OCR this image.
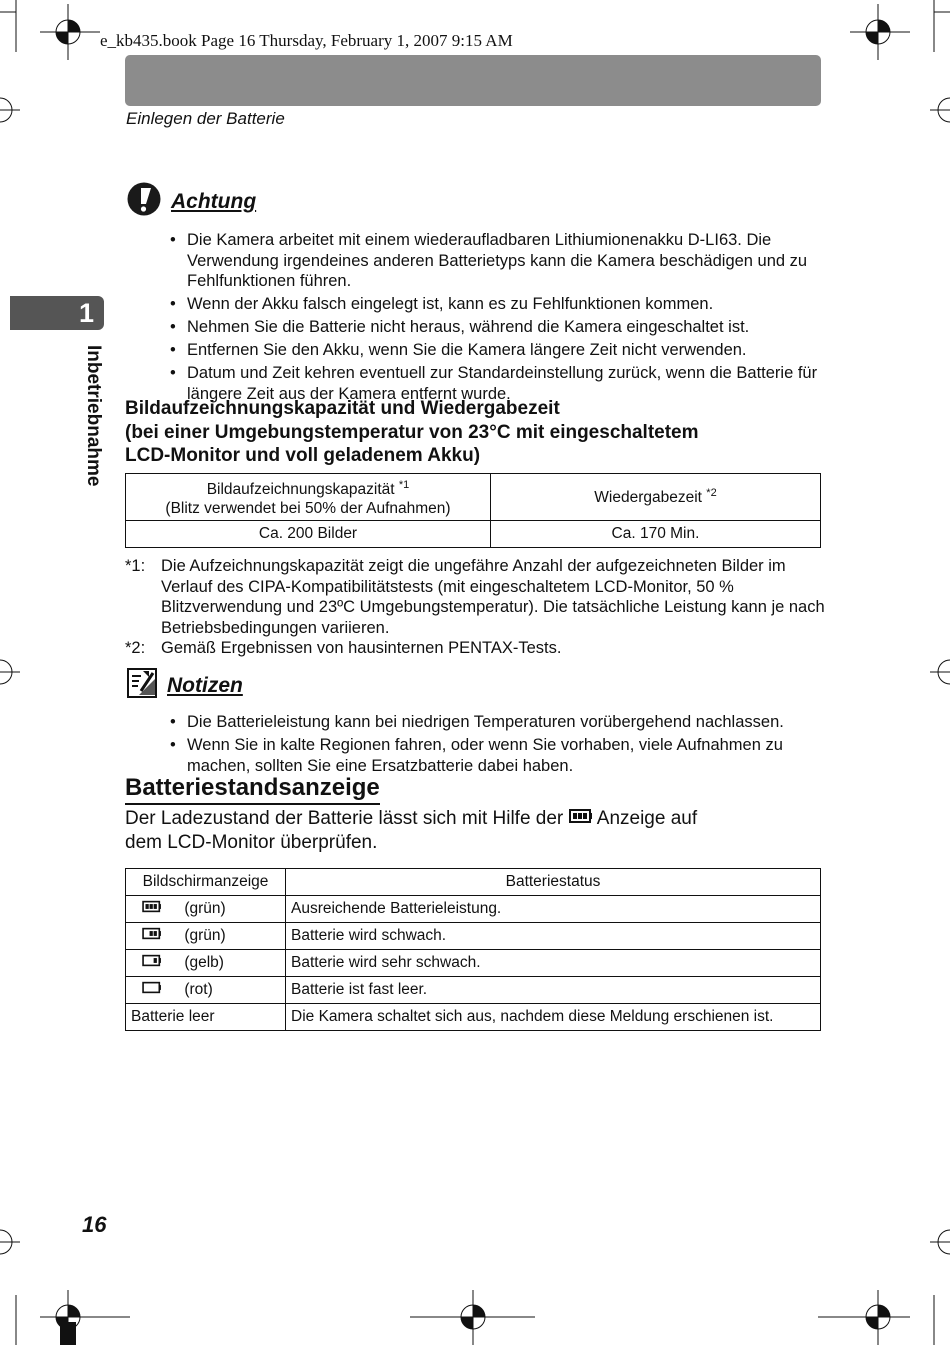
e_kb435.book Page 16 Thursday, February 1, 2007 9:15 AM
Einlegen der Batterie
1
Inbetriebnahme
Achtung
• Die Kamera arbeitet mit einem wiederaufladbaren Lithiumionenakku D-LI63. Die Verwendung irgendeines anderen Batterietyps kann die Kamera beschädigen und zu Fehlfunktionen führen.
• Wenn der Akku falsch eingelegt ist, kann es zu Fehlfunktionen kommen.
• Nehmen Sie die Batterie nicht heraus, während die Kamera eingeschaltet ist.
• Entfernen Sie den Akku, wenn Sie die Kamera längere Zeit nicht verwenden.
• Datum und Zeit kehren eventuell zur Standardeinstellung zurück, wenn die Batterie für längere Zeit aus der Kamera entfernt wurde.
Bildaufzeichnungskapazität und Wiedergabezeit
(bei einer Umgebungstemperatur von 23°C mit eingeschaltetem
LCD-Monitor und voll geladenem Akku)
Bildaufzeichnungskapazität $^{*1}$
(Blitz verwendet bei 50% der Aufnahmen)	Wiedergabezeit $^{*2}$
Ca. 200 Bilder	Ca. 170 Min.
*1: Die Aufzeichnungskapazität zeigt die ungefähre Anzahl der aufgezeichneten Bilder im Verlauf des CIPA-Kompatibilitätstests (mit eingeschaltetem LCD-Monitor, 50 % Blitzverwendung und 23ºC Umgebungstemperatur). Die tatsächliche Leistung kann je nach Betriebsbedingungen variieren.
*2: Gemäß Ergebnissen von hausinternen PENTAX-Tests.
Notizen
• Die Batterieleistung kann bei niedrigen Temperaturen vorübergehend nachlassen.
• Wenn Sie in kalte Regionen fahren, oder wenn Sie vorhaben, viele Aufnahmen zu machen, sollten Sie eine Ersatzbatterie dabei haben.
Batteriestandsanzeige
Der Ladezustand der Batterie lässt sich mit Hilfe der Anzeige auf
dem LCD-Monitor überprüfen.
Bildschirmanzeige	Batteriestatus
(grün)	Ausreichende Batterieleistung.
(grün)	Batterie wird schwach.
(gelb)	Batterie wird sehr schwach.
(rot)	Batterie ist fast leer.
Batterie leer	Die Kamera schaltet sich aus, nachdem diese Meldung erschienen ist.
16
